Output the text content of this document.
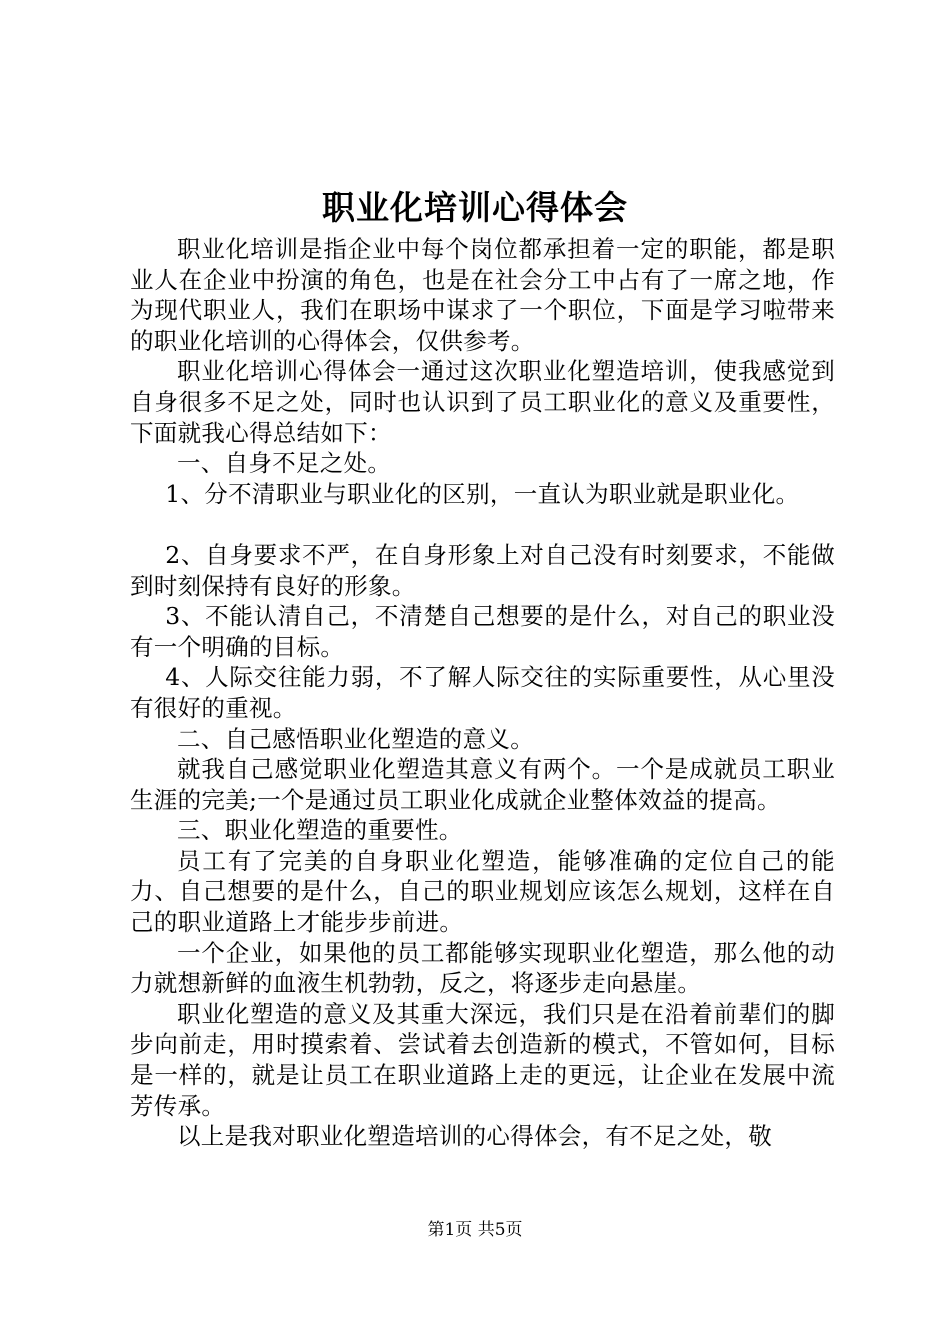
职业化培训心得体会

职业化培训是指企业中每个岗位都承担着一定的职能，都是职业人在企业中扮演的角色，也是在社会分工中占有了一席之地，作为现代职业人，我们在职场中谋求了一个职位，下面是学习啦带来的职业化培训的心得体会，仅供参考。

职业化培训心得体会一通过这次职业化塑造培训，使我感觉到自身很多不足之处，同时也认识到了员工职业化的意义及重要性，下面就我心得总结如下：

一、自身不足之处。

1、分不清职业与职业化的区别，一直认为职业就是职业化。

2、自身要求不严，在自身形象上对自己没有时刻要求，不能做到时刻保持有良好的形象。

3、不能认清自己，不清楚自己想要的是什么，对自己的职业没有一个明确的目标。

4、人际交往能力弱，不了解人际交往的实际重要性，从心里没有很好的重视。

二、自己感悟职业化塑造的意义。

就我自己感觉职业化塑造其意义有两个。一个是成就员工职业生涯的完美;一个是通过员工职业化成就企业整体效益的提高。

三、职业化塑造的重要性。

员工有了完美的自身职业化塑造，能够准确的定位自己的能力、自己想要的是什么，自己的职业规划应该怎么规划，这样在自己的职业道路上才能步步前进。

一个企业，如果他的员工都能够实现职业化塑造，那么他的动力就想新鲜的血液生机勃勃，反之，将逐步走向悬崖。

职业化塑造的意义及其重大深远，我们只是在沿着前辈们的脚步向前走，用时摸索着、尝试着去创造新的模式，不管如何，目标是一样的，就是让员工在职业道路上走的更远，让企业在发展中流芳传承。

以上是我对职业化塑造培训的心得体会，有不足之处，敬

第1页 共5页
